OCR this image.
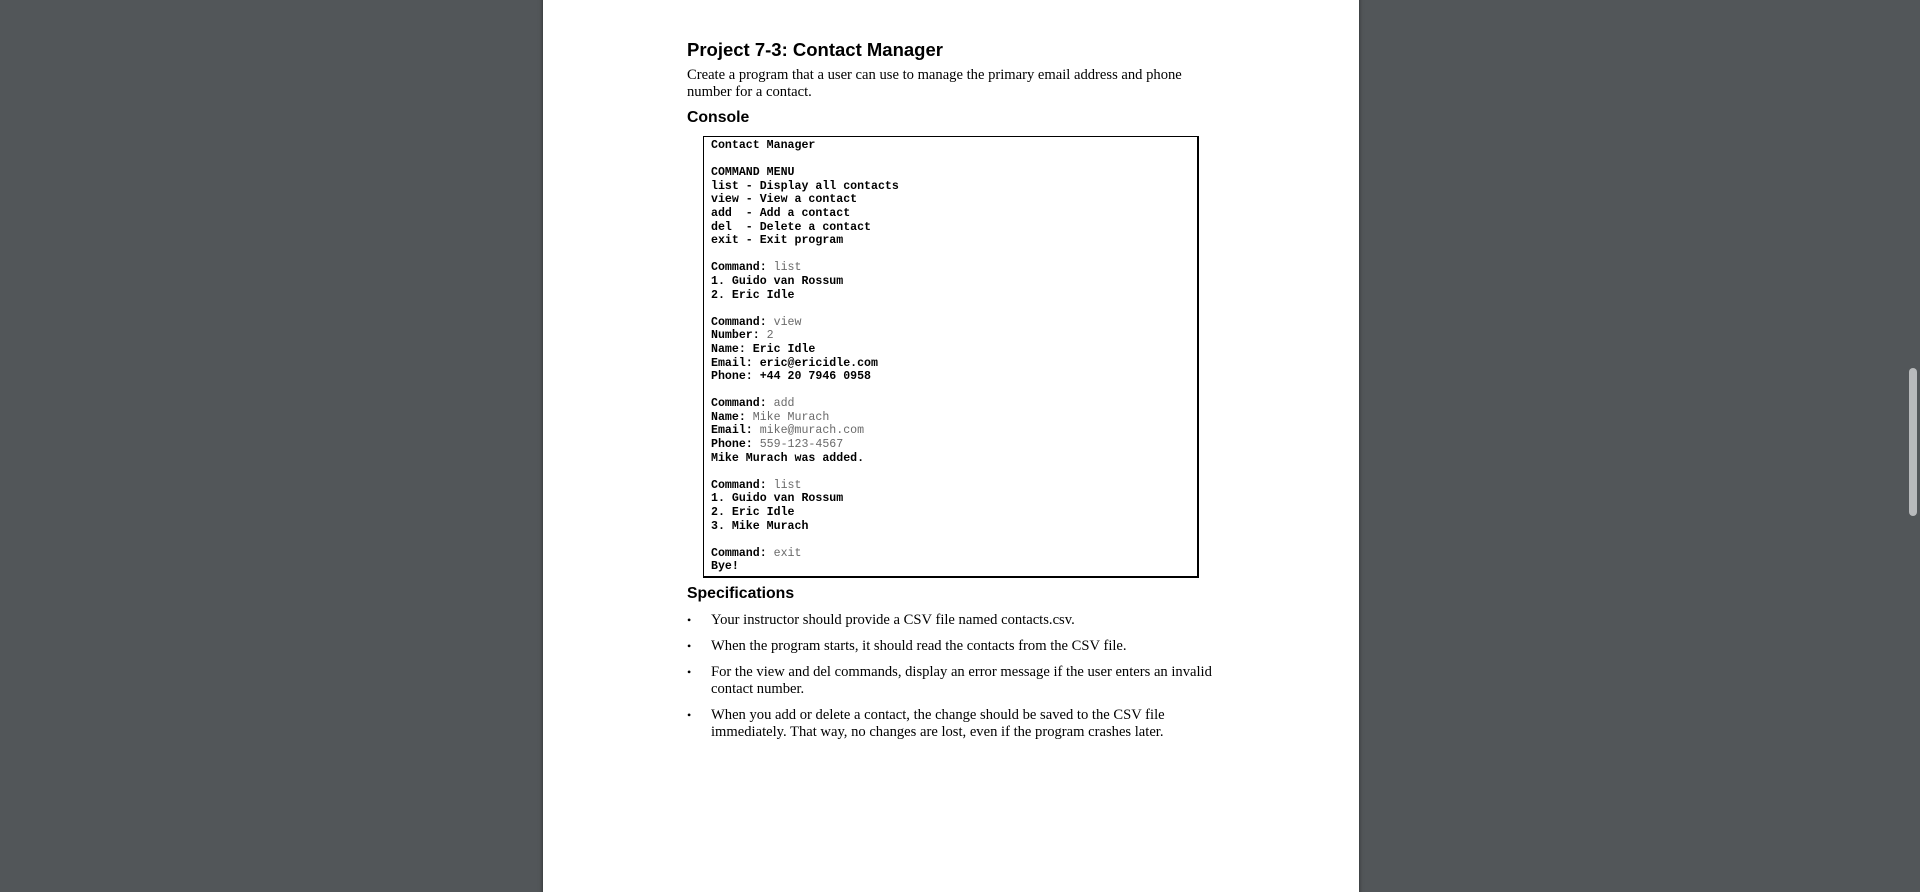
Project 7-3: Contact Manager

Create a program that a user can use to manage the primary email address and phone number for a contact.

Console
Contact Manager
COMMAND MENU
list - Display all contacts
view - View a contact
add  - Add a contact
del  - Delete a contact
exit - Exit program
Command: list
1. Guido van Rossum
2. Eric Idle
Command: view
Number: 2
Name: Eric Idle
Email: eric@ericidle.com
Phone: +44 20 7946 0958
Command: add
Name: Mike Murach
Email: mike@murach.com
Phone: 559-123-4567
Mike Murach was added.
Command: list
1. Guido van Rossum
2. Eric Idle
3. Mike Murach
Command: exit
Bye!
Specifications
• Your instructor should provide a CSV file named contacts.csv.
• When the program starts, it should read the contacts from the CSV file.
• For the view and del commands, display an error message if the user enters an invalid contact number.
• When you add or delete a contact, the change should be saved to the CSV file immediately. That way, no changes are lost, even if the program crashes later.
